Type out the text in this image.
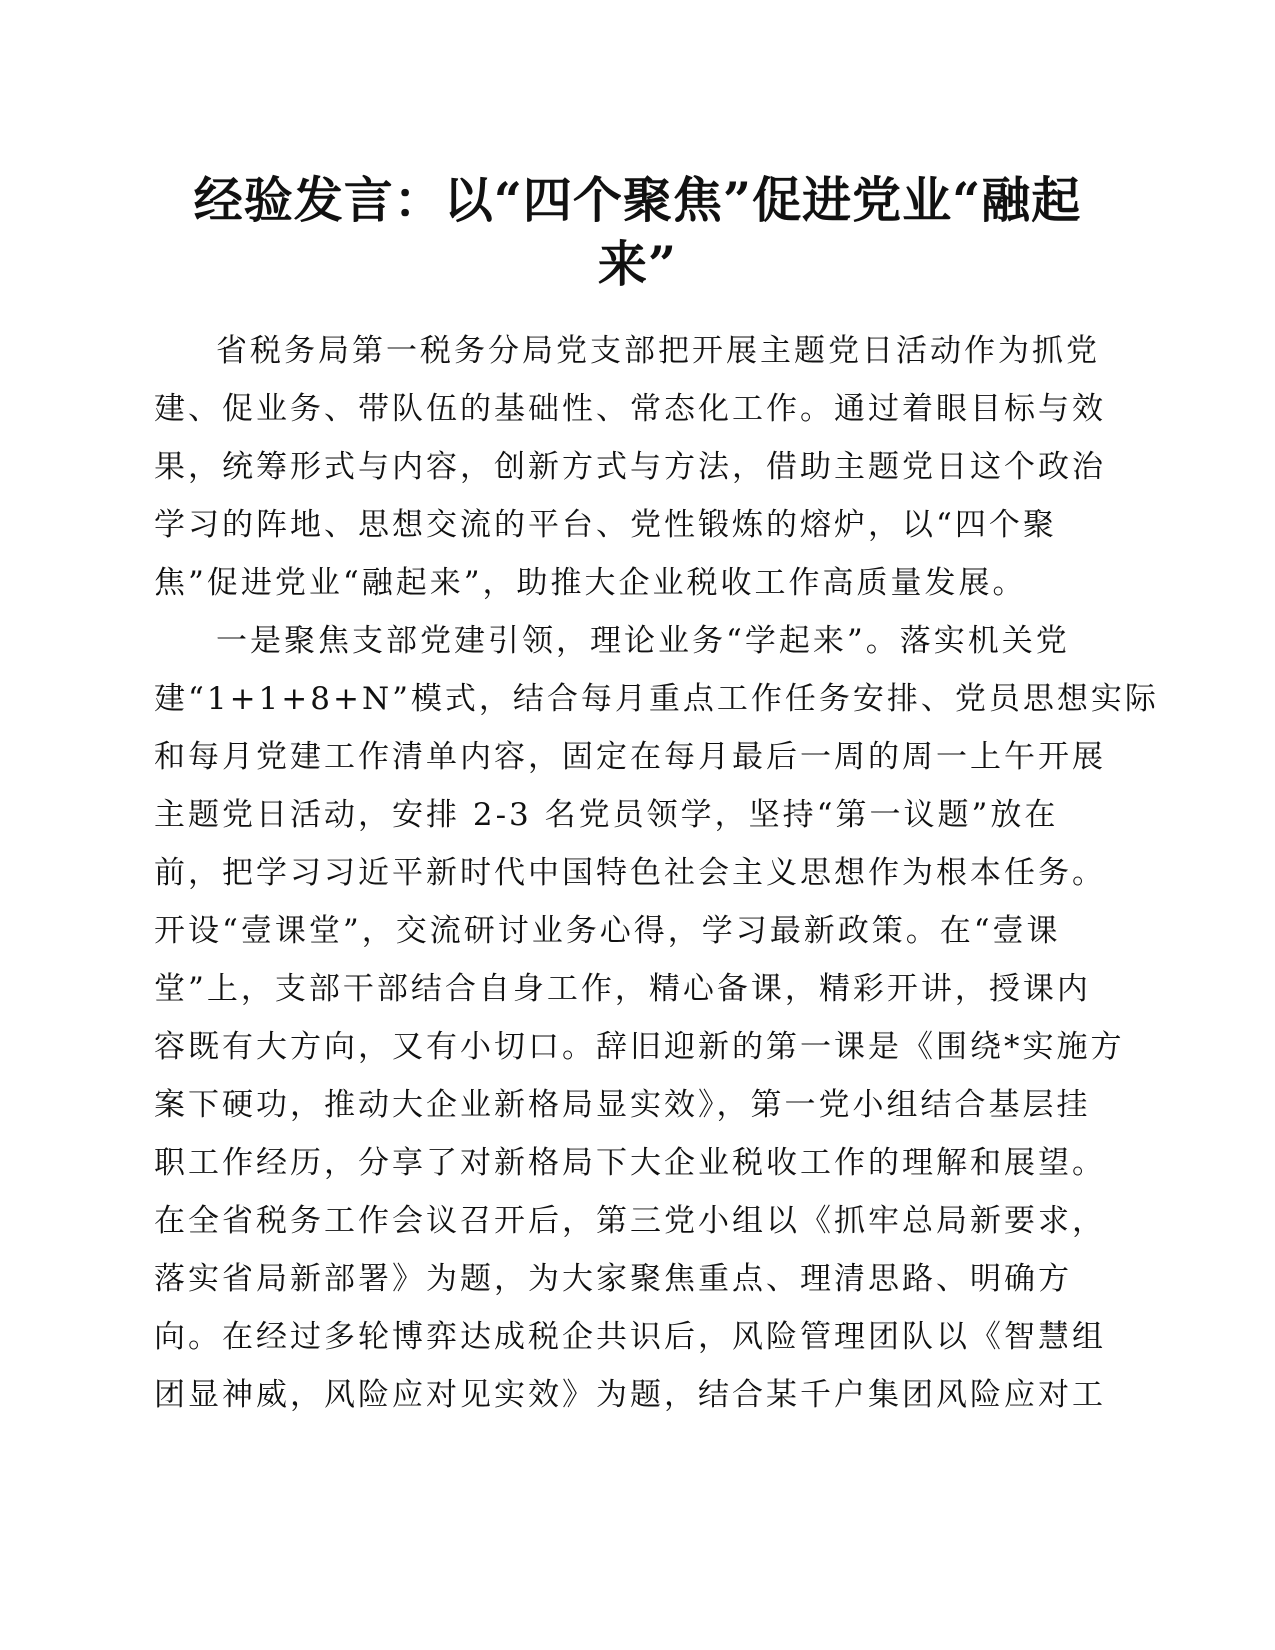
经验发言：以“四个聚焦”促进党业“融起
来”

省税务局第一税务分局党支部把开展主题党日活动作为抓党

建、促业务、带队伍的基础性、常态化工作。通过着眼目标与效

果，统筹形式与内容，创新方式与方法，借助主题党日这个政治

学习的阵地、思想交流的平台、党性锻炼的熔炉，以“四个聚

焦”促进党业“融起来”，助推大企业税收工作高质量发展。

一是聚焦支部党建引领，理论业务“学起来”。落实机关党

建“1+1+8+N”模式，结合每月重点工作任务安排、党员思想实际

和每月党建工作清单内容，固定在每月最后一周的周一上午开展

主题党日活动，安排 2-3 名党员领学，坚持“第一议题”放在

前，把学习习近平新时代中国特色社会主义思想作为根本任务。

开设“壹课堂”，交流研讨业务心得，学习最新政策。在“壹课

堂”上，支部干部结合自身工作，精心备课，精彩开讲，授课内

容既有大方向，又有小切口。辞旧迎新的第一课是《围绕*实施方

案下硬功，推动大企业新格局显实效》，第一党小组结合基层挂

职工作经历，分享了对新格局下大企业税收工作的理解和展望。

在全省税务工作会议召开后，第三党小组以《抓牢总局新要求，

落实省局新部署》为题，为大家聚焦重点、理清思路、明确方

向。在经过多轮博弈达成税企共识后，风险管理团队以《智慧组

团显神威，风险应对见实效》为题，结合某千户集团风险应对工
